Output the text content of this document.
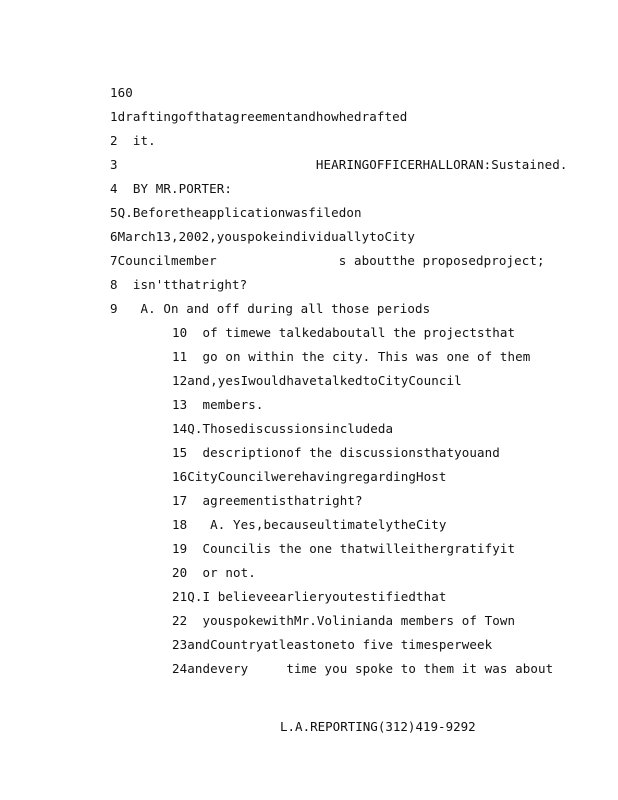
160
1draftingofthatagreementandhowhedrafted
2  it.
3                          HEARINGOFFICERHALLORAN:Sustained.
4  BY MR.PORTER:
5Q.Beforetheapplicationwasfiledon
6March13,2002,youspokeindividuallytoCity
7Councilmember                s aboutthe proposedproject;
8  isn'tthatright?
9   A. On and off during all those periods
10  of timewe talkedaboutall the projectsthat
11  go on within the city. This was one of them
12and,yesIwouldhavetalkedtoCityCouncil
13  members.
14Q.Thosediscussionsincludeda
15  descriptionof the discussionsthatyouand
16CityCouncilwerehavingregardingHost
17  agreementisthatright?
18   A. Yes,becauseultimatelytheCity
19  Councilis the one thatwilleithergratifyit
20  or not.
21Q.I believeearlieryoutestifiedthat
22  youspokewithMr.Volinianda members of Town
23andCountryatleastoneto five timesperweek
24andevery     time you spoke to them it was about
L.A.REPORTING(312)419-9292
